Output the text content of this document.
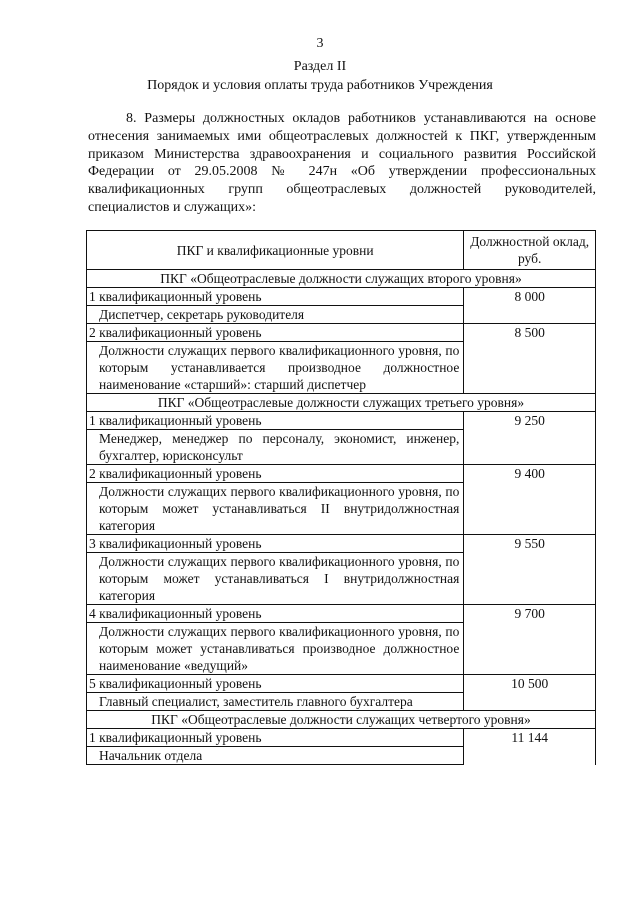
3
Раздел II
Порядок и условия оплаты труда работников Учреждения
8. Размеры должностных окладов работников устанавливаются на основе отнесения занимаемых ими общеотраслевых должностей к ПКГ, утвержденным приказом Министерства здравоохранения и социального развития Российской Федерации от 29.05.2008 № 247н «Об утверждении профессиональных квалификационных групп общеотраслевых должностей руководителей, специалистов и служащих»:
ПКГ и квалификационные уровни	Должностной оклад, руб.
ПКГ «Общеотраслевые должности служащих второго уровня»	
1 квалификационный уровень	8 000
Диспетчер, секретарь руководителя	
2 квалификационный уровень	8 500
Должности служащих первого квалификационного уровня, по которым устанавливается производное должностное наименование «старший»: старший диспетчер	
ПКГ «Общеотраслевые должности служащих третьего уровня»	
1 квалификационный уровень	9 250
Менеджер, менеджер по персоналу, экономист, инженер, бухгалтер, юрисконсульт	
2 квалификационный уровень	9 400
Должности служащих первого квалификационного уровня, по которым может устанавливаться II внутридолжностная категория	
3 квалификационный уровень	9 550
Должности служащих первого квалификационного уровня, по которым может устанавливаться I внутридолжностная категория	
4 квалификационный уровень	9 700
Должности служащих первого квалификационного уровня, по которым может устанавливаться производное должностное наименование «ведущий»	
5 квалификационный уровень	10 500
Главный специалист, заместитель главного бухгалтера	
ПКГ «Общеотраслевые должности служащих четвертого уровня»	
1 квалификационный уровень	11 144
Начальник отдела	
